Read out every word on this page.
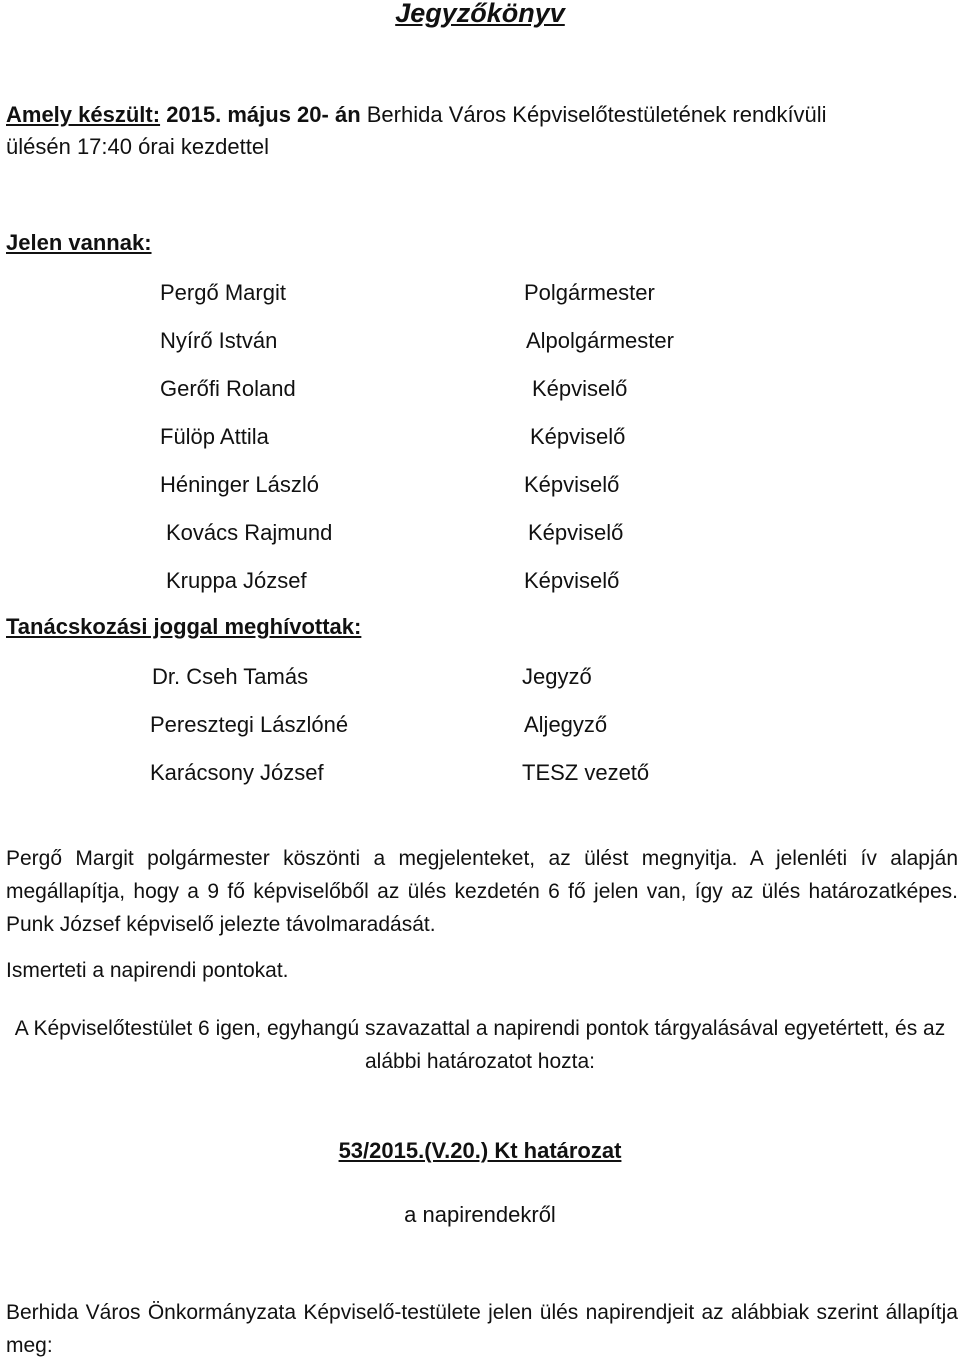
Jegyzőkönyv
Amely készült: 2015. május 20- án Berhida Város Képviselőtestületének rendkívüli
ülésén 17:40 órai kezdettel
Jelen vannak:
Pergő Margit
Nyírő István
Gerőfi Roland
Fülöp Attila
Héninger László
Kovács Rajmund
Kruppa József
Polgármester
Alpolgármester
Képviselő
Képviselő
Képviselő
Képviselő
Képviselő
Tanácskozási joggal meghívottak:
Dr. Cseh Tamás
Peresztegi Lászlóné
Karácsony József
Jegyző
Aljegyző
TESZ vezető
Pergő Margit polgármester köszönti a megjelenteket, az ülést megnyitja. A jelenléti ív alapján megállapítja, hogy a 9 fő képviselőből az ülés kezdetén 6 fő jelen van, így az ülés határozatképes. Punk József képviselő jelezte távolmaradását.
Ismerteti a napirendi pontokat.
A Képviselőtestület 6 igen, egyhangú szavazattal a napirendi pontok tárgyalásával egyetértett, és az alábbi határozatot hozta:
53/2015.(V.20.) Kt határozat
a napirendekről
Berhida Város Önkormányzata Képviselő-testülete jelen ülés napirendjeit az alábbiak szerint állapítja meg:
